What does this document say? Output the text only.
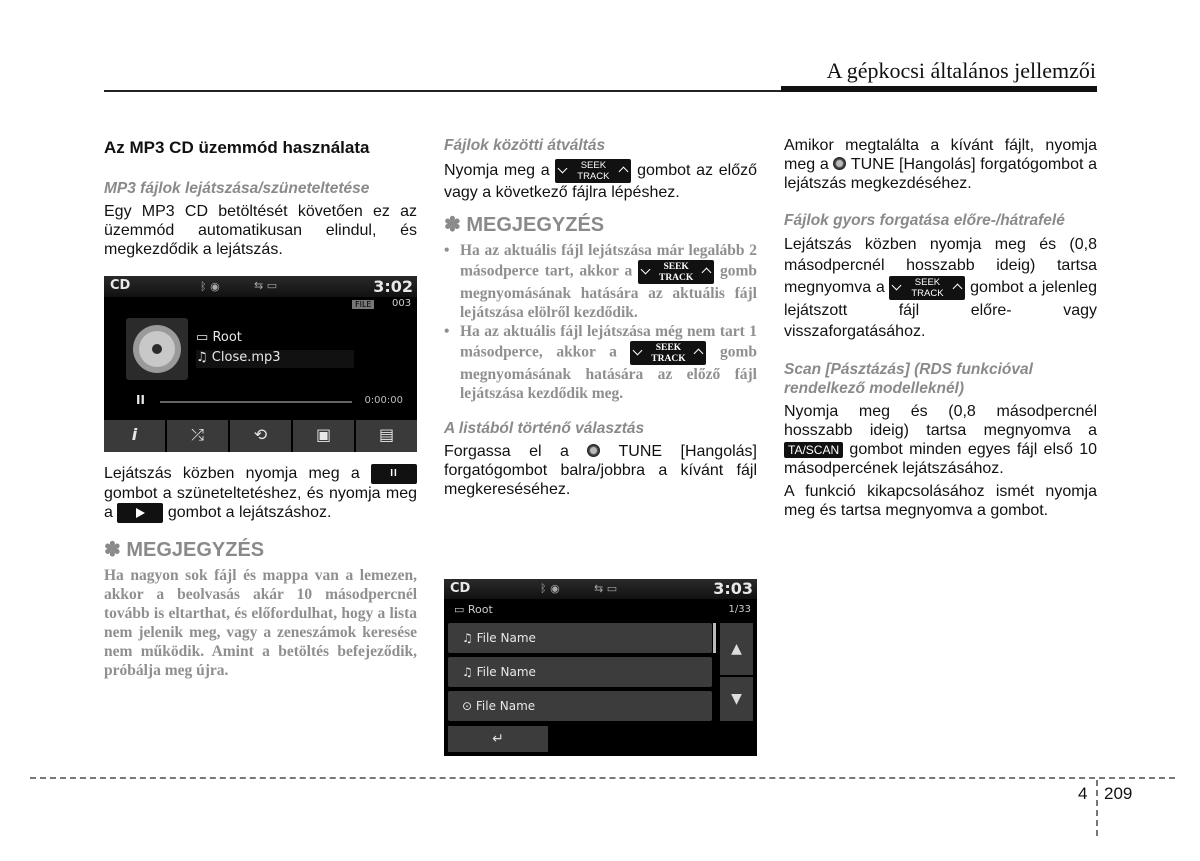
A gépkocsi általános jellemzői
Az MP3 CD üzemmód használata
MP3 fájlok lejátszása/szüneteltetése

Egy MP3 CD betöltését követően ez az üzemmód automatikusan elindul, és megkezdődik a lejátszás.

CD	ᛒ ◉	⇆ ▭	3:02
FILE	003
▭ Root
♫ Close.mp3
II	0:00:00
i	⤮	⟲	▣	▤

Lejátszás közben nyomja meg a	II gombot a szüneteltetéshez, és nyomja meg a	gombot a lejátszáshoz.

✽ MEGJEGYZÉS
Ha nagyon sok fájl és mappa van a lemezen, akkor a beolvasás akár 10 másodpercnél tovább is eltarthat, és előfordulhat, hogy a lista nem jelenik meg, vagy a zeneszámok keresése nem működik. Amint a betöltés befejeződik, próbálja meg újra.
Fájlok közötti átváltás

Nyomja meg a	SEEK
TRACK	gombot az előző vagy a következő fájlra lépéshez.

✽ MEGJEGYZÉS
• Ha az aktuális fájl lejátszása már legalább 2 másodperce tart, akkor a	SEEK
TRACK	gomb megnyomásának hatására az aktuális fájl lejátszása elölről kezdődik.
• Ha az aktuális fájl lejátszása még nem tart 1 másodperce, akkor a	SEEK
TRACK	gomb megnyomásának hatására az előző fájl lejátszása kezdődik meg.
A listából történő választás

Forgassa el a	TUNE [Hangolás] forgatógombot balra/jobbra a kívánt fájl megkereséséhez.

CD	ᛒ ◉	⇆ ▭	3:03
▭ Root	1/33
♫ File Name
♫ File Name
⊙ File Name
▲
▼
↵

Amikor megtalálta a kívánt fájlt, nyomja meg a TUNE [Hangolás] forgatógombot a lejátszás megkezdéséhez.

Fájlok gyors forgatása előre-/hátrafelé

Lejátszás közben nyomja meg és (0,8 másodpercnél hosszabb ideig) tartsa megnyomva a	SEEK
TRACK	gombot a jelenleg lejátszott fájl előre- vagy visszaforgatásához.

Scan [Pásztázás] (RDS funkcióval rendelkező modelleknél)

Nyomja meg és (0,8 másodpercnél hosszabb ideig) tartsa megnyomva a TA/SCAN gombot minden egyes fájl első 10 másodpercének lejátszásához.

A funkció kikapcsolásához ismét nyomja meg és tartsa megnyomva a gombot.

4 209
